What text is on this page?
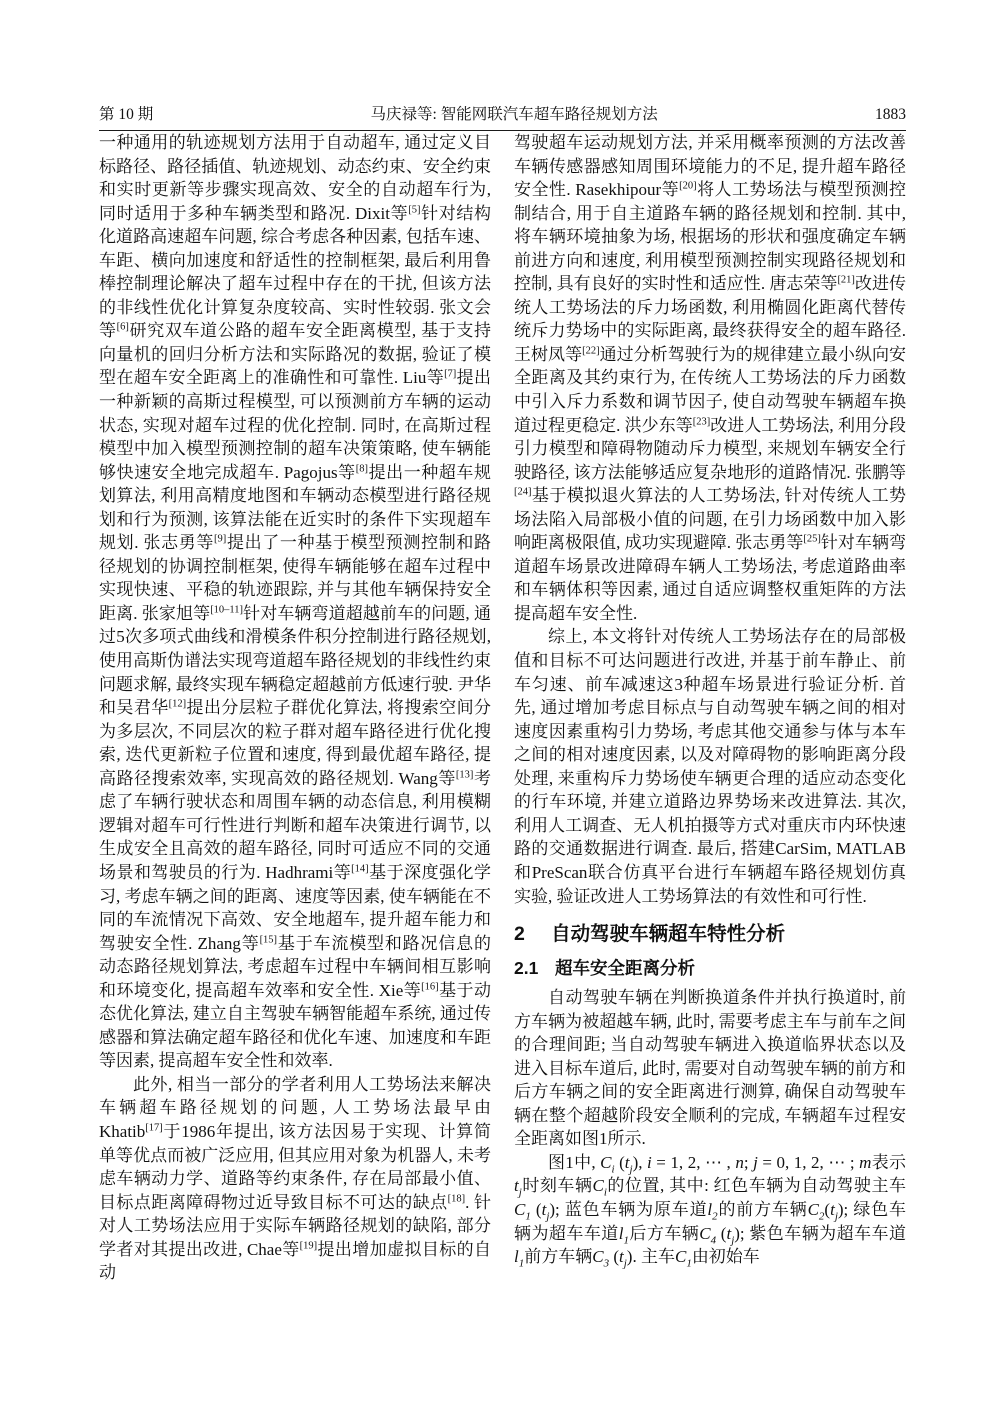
第 10 期	马庆禄等: 智能网联汽车超车路径规划方法	1883

一种通用的轨迹规划方法用于自动超车, 通过定义目标路径、路径插值、轨迹规划、动态约束、安全约束和实时更新等步骤实现高效、安全的自动超车行为, 同时适用于多种车辆类型和路况. Dixit等[5]针对结构化道路高速超车问题, 综合考虑各种因素, 包括车速、车距、横向加速度和舒适性的控制框架, 最后利用鲁棒控制理论解决了超车过程中存在的干扰, 但该方法的非线性优化计算复杂度较高、实时性较弱. 张文会等[6]研究双车道公路的超车安全距离模型, 基于支持向量机的回归分析方法和实际路况的数据, 验证了模型在超车安全距离上的准确性和可靠性. Liu等[7]提出一种新颖的高斯过程模型, 可以预测前方车辆的运动状态, 实现对超车过程的优化控制. 同时, 在高斯过程模型中加入模型预测控制的超车决策策略, 使车辆能够快速安全地完成超车. Pagojus等[8]提出一种超车规划算法, 利用高精度地图和车辆动态模型进行路径规划和行为预测, 该算法能在近实时的条件下实现超车规划. 张志勇等[9]提出了一种基于模型预测控制和路径规划的协调控制框架, 使得车辆能够在超车过程中实现快速、平稳的轨迹跟踪, 并与其他车辆保持安全距离. 张家旭等[10–11]针对车辆弯道超越前车的问题, 通过5次多项式曲线和滑模条件积分控制进行路径规划, 使用高斯伪谱法实现弯道超车路径规划的非线性约束问题求解, 最终实现车辆稳定超越前方低速行驶. 尹华和吴君华[12]提出分层粒子群优化算法, 将搜索空间分为多层次, 不同层次的粒子群对超车路径进行优化搜索, 迭代更新粒子位置和速度, 得到最优超车路径, 提高路径搜索效率, 实现高效的路径规划. Wang等[13]考虑了车辆行驶状态和周围车辆的动态信息, 利用模糊逻辑对超车可行性进行判断和超车决策进行调节, 以生成安全且高效的超车路径, 同时可适应不同的交通场景和驾驶员的行为. Hadhrami等[14]基于深度强化学习, 考虑车辆之间的距离、速度等因素, 使车辆能在不同的车流情况下高效、安全地超车, 提升超车能力和驾驶安全性. Zhang等[15]基于车流模型和路况信息的动态路径规划算法, 考虑超车过程中车辆间相互影响和环境变化, 提高超车效率和安全性. Xie等[16]基于动态优化算法, 建立自主驾驶车辆智能超车系统, 通过传感器和算法确定超车路径和优化车速、加速度和车距等因素, 提高超车安全性和效率.

此外, 相当一部分的学者利用人工势场法来解决车辆超车路径规划的问题, 人工势场法最早由Khatib[17]于1986年提出, 该方法因易于实现、计算简单等优点而被广泛应用, 但其应用对象为机器人, 未考虑车辆动力学、道路等约束条件, 存在局部最小值、目标点距离障碍物过近导致目标不可达的缺点[18]. 针对人工势场法应用于实际车辆路径规划的缺陷, 部分学者对其提出改进, Chae等[19]提出增加虚拟目标的自动

驾驶超车运动规划方法, 并采用概率预测的方法改善车辆传感器感知周围环境能力的不足, 提升超车路径安全性. Rasekhipour等[20]将人工势场法与模型预测控制结合, 用于自主道路车辆的路径规划和控制. 其中, 将车辆环境抽象为场, 根据场的形状和强度确定车辆前进方向和速度, 利用模型预测控制实现路径规划和控制, 具有良好的实时性和适应性. 唐志荣等[21]改进传统人工势场法的斥力场函数, 利用椭圆化距离代替传统斥力势场中的实际距离, 最终获得安全的超车路径. 王树凤等[22]通过分析驾驶行为的规律建立最小纵向安全距离及其约束行为, 在传统人工势场法的斥力函数中引入斥力系数和调节因子, 使自动驾驶车辆超车换道过程更稳定. 洪少东等[23]改进人工势场法, 利用分段引力模型和障碍物随动斥力模型, 来规划车辆安全行驶路径, 该方法能够适应复杂地形的道路情况. 张鹏等[24]基于模拟退火算法的人工势场法, 针对传统人工势场法陷入局部极小值的问题, 在引力场函数中加入影响距离极限值, 成功实现避障. 张志勇等[25]针对车辆弯道超车场景改进障碍车辆人工势场法, 考虑道路曲率和车辆体积等因素, 通过自适应调整权重矩阵的方法提高超车安全性.

综上, 本文将针对传统人工势场法存在的局部极值和目标不可达问题进行改进, 并基于前车静止、前车匀速、前车减速这3种超车场景进行验证分析. 首先, 通过增加考虑目标点与自动驾驶车辆之间的相对速度因素重构引力势场, 考虑其他交通参与体与本车之间的相对速度因素, 以及对障碍物的影响距离分段处理, 来重构斥力势场使车辆更合理的适应动态变化的行车环境, 并建立道路边界势场来改进算法. 其次, 利用人工调查、无人机拍摄等方式对重庆市内环快速路的交通数据进行调查. 最后, 搭建CarSim, MATLAB和PreScan联合仿真平台进行车辆超车路径规划仿真实验, 验证改进人工势场算法的有效性和可行性.

2 自动驾驶车辆超车特性分析
2.1 超车安全距离分析

自动驾驶车辆在判断换道条件并执行换道时, 前方车辆为被超越车辆, 此时, 需要考虑主车与前车之间的合理间距; 当自动驾驶车辆进入换道临界状态以及进入目标车道后, 此时, 需要对自动驾驶车辆的前方和后方车辆之间的安全距离进行测算, 确保自动驾驶车辆在整个超越阶段安全顺利的完成, 车辆超车过程安全距离如图1所示.

图1中, $C_i$ $(t_j)$, i = 1, 2, ⋯ , n; j = 0, 1, 2, ⋯ ; m表示$t_j$时刻车辆$C_i$的位置, 其中: 红色车辆为自动驾驶主车$C_1$ $(t_j)$; 蓝色车辆为原车道$l_2$的前方车辆$C_2(t_j)$; 绿色车辆为超车车道$l_1$后方车辆$C_4$ $(t_j)$; 紫色车辆为超车车道$l_1$前方车辆$C_3$ $(t_j)$. 主车$C_1$由初始车
